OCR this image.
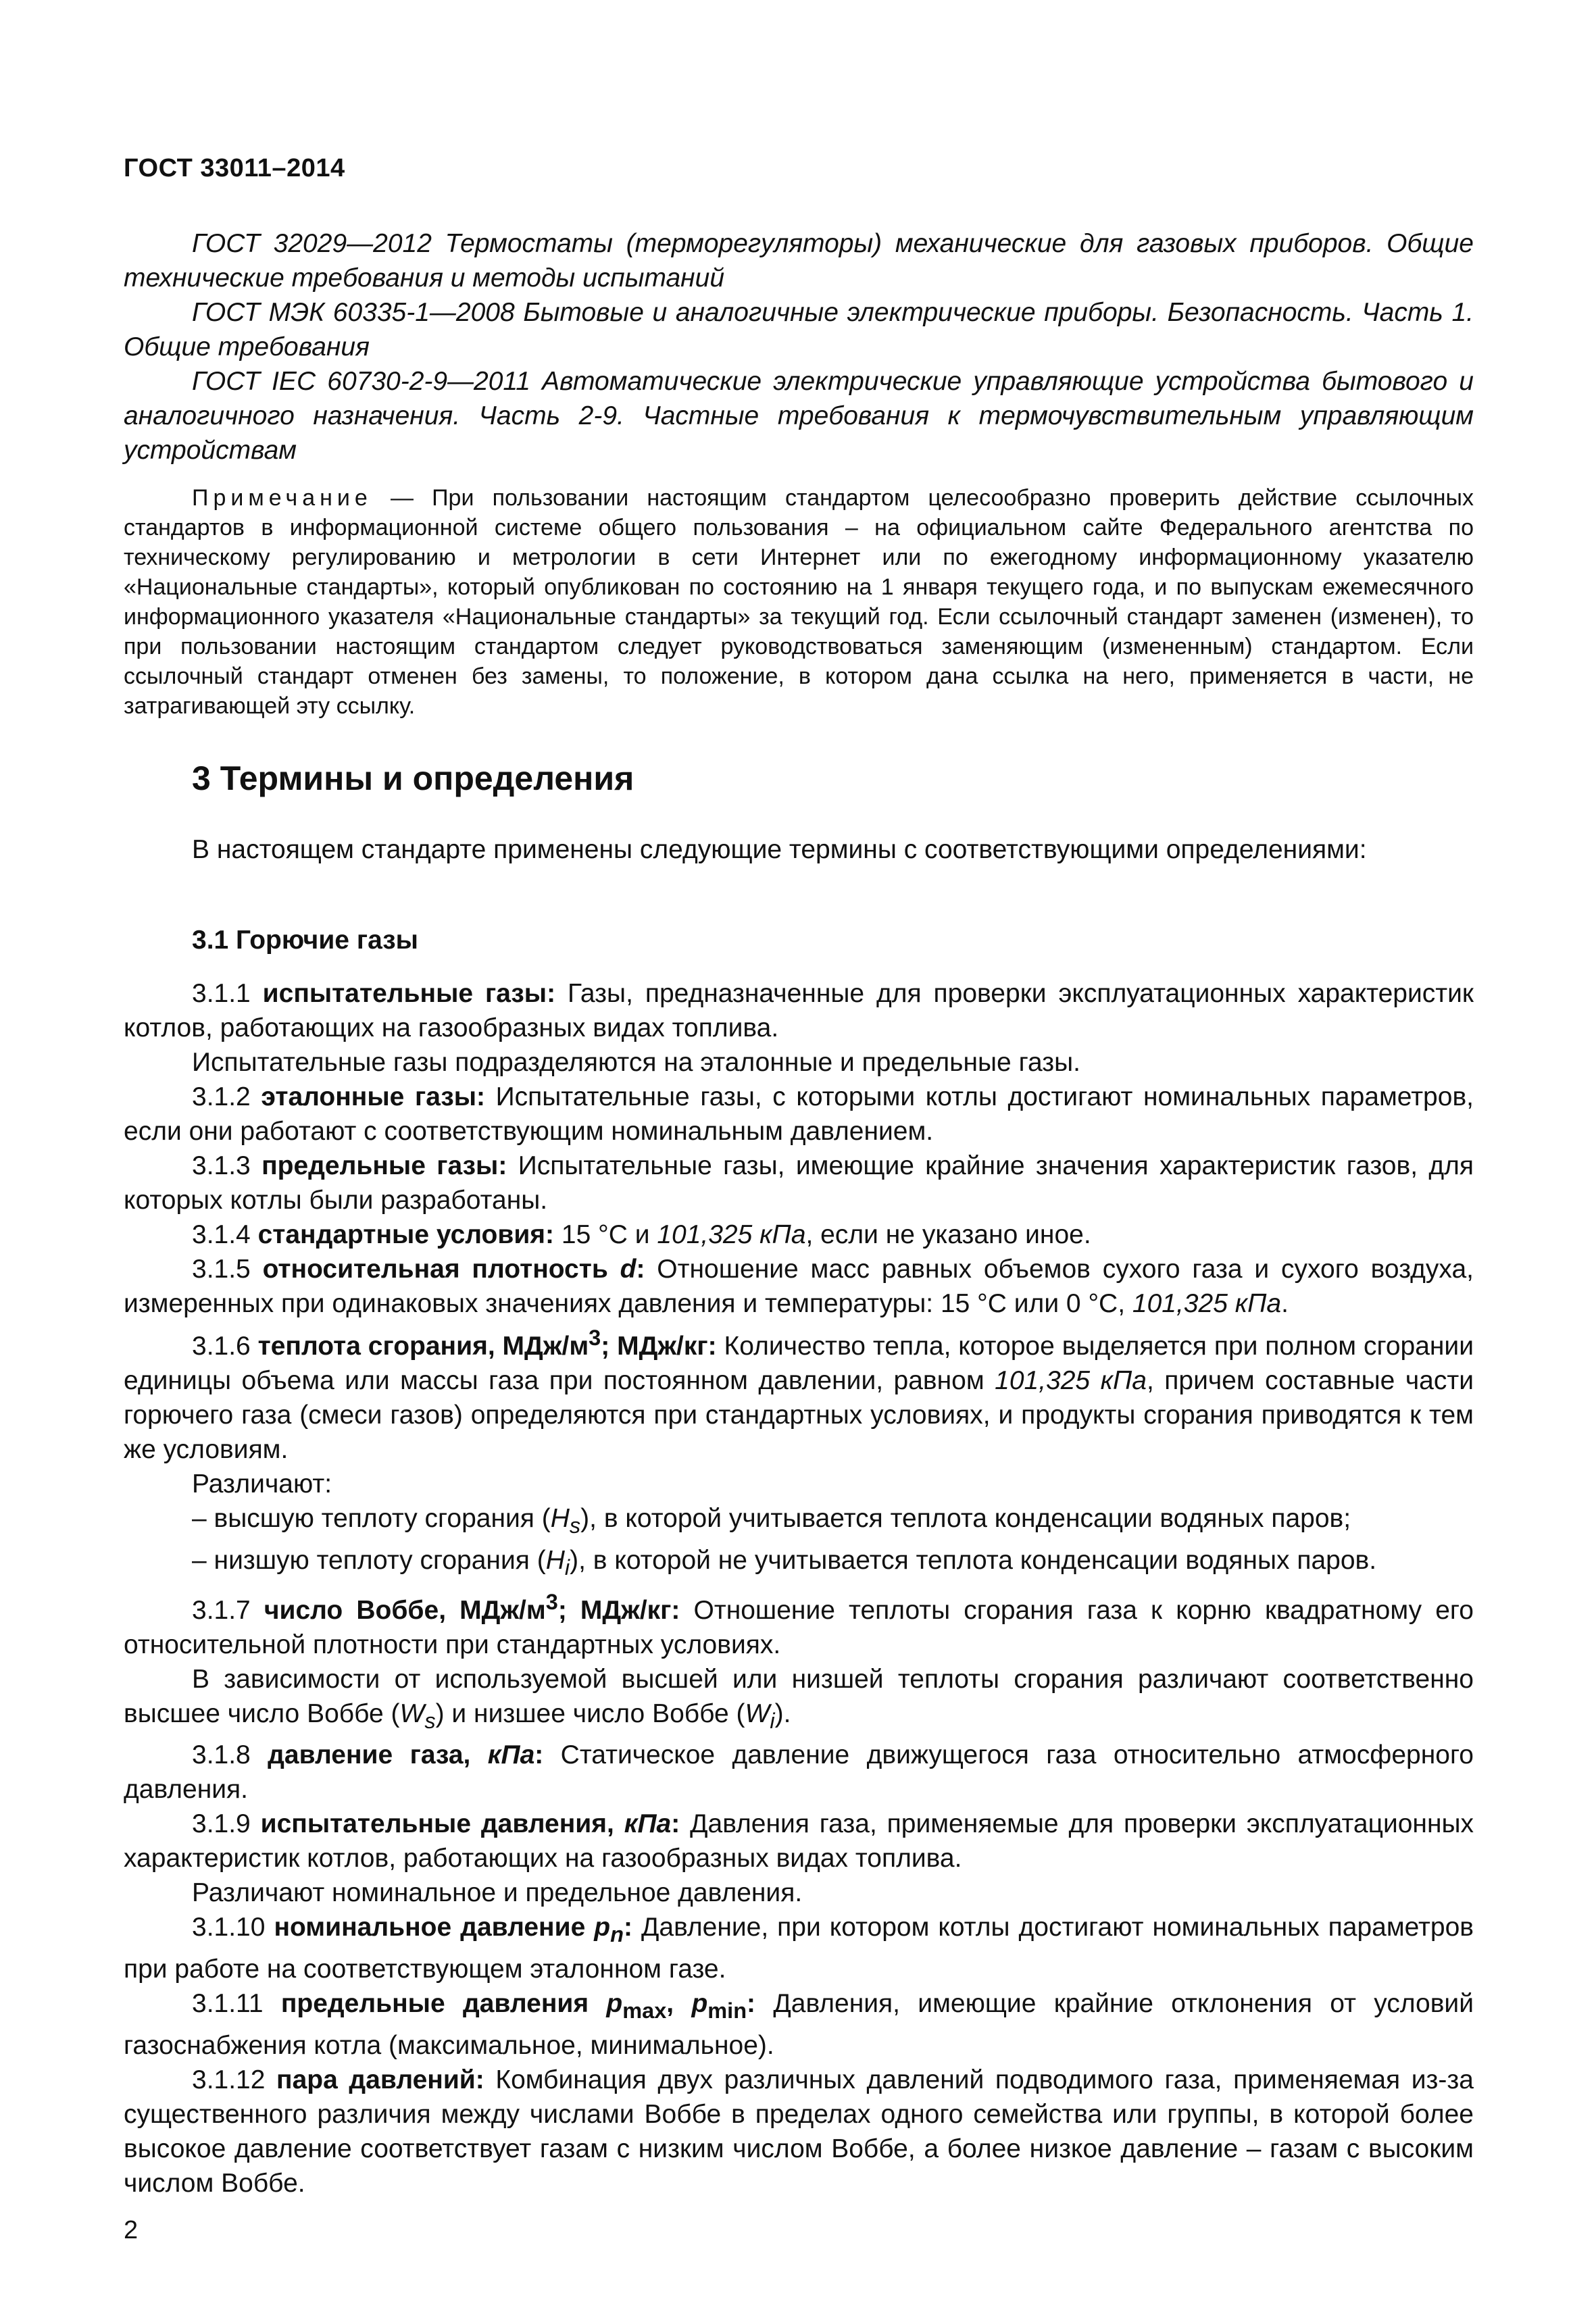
ГОСТ 33011–2014

ГОСТ 32029—2012 Термостаты (терморегуляторы) механические для газовых приборов. Общие технические требования и методы испытаний

ГОСТ МЭК 60335-1—2008 Бытовые и аналогичные электрические приборы. Безопасность. Часть 1. Общие требования

ГОСТ IEC 60730-2-9—2011 Автоматические электрические управляющие устройства бытового и аналогичного назначения. Часть 2-9. Частные требования к термочувствительным управляющим устройствам

Примечание — При пользовании настоящим стандартом целесообразно проверить действие ссылочных стандартов в информационной системе общего пользования – на официальном сайте Федерального агентства по техническому регулированию и метрологии в сети Интернет или по ежегодному информационному указателю «Национальные стандарты», который опубликован по состоянию на 1 января текущего года, и по выпускам ежемесячного информационного указателя «Национальные стандарты» за текущий год. Если ссылочный стандарт заменен (изменен), то при пользовании настоящим стандартом следует руководствоваться заменяющим (измененным) стандартом. Если ссылочный стандарт отменен без замены, то положение, в котором дана ссылка на него, применяется в части, не затрагивающей эту ссылку.

3 Термины и определения

В настоящем стандарте применены следующие термины с соответствующими определениями:

3.1 Горючие газы

3.1.1 испытательные газы: Газы, предназначенные для проверки эксплуатационных характеристик котлов, работающих на газообразных видах топлива.

Испытательные газы подразделяются на эталонные и предельные газы.

3.1.2 эталонные газы: Испытательные газы, с которыми котлы достигают номинальных параметров, если они работают с соответствующим номинальным давлением.

3.1.3 предельные газы: Испытательные газы, имеющие крайние значения характеристик газов, для которых котлы были разработаны.

3.1.4 стандартные условия: 15 °C и 101,325 кПа, если не указано иное.

3.1.5 относительная плотность d: Отношение масс равных объемов сухого газа и сухого воздуха, измеренных при одинаковых значениях давления и температуры: 15 °C или 0 °C, 101,325 кПа.

3.1.6 теплота сгорания, МДж/$м^3$; МДж/кг: Количество тепла, которое выделяется при полном сгорании единицы объема или массы газа при постоянном давлении, равном 101,325 кПа, причем составные части горючего газа (смеси газов) определяются при стандартных условиях, и продукты сгорания приводятся к тем же условиям.

Различают:

– высшую теплоту сгорания $(H_s)$, в которой учитывается теплота конденсации водяных паров;

– низшую теплоту сгорания $(H_i)$, в которой не учитывается теплота конденсации водяных паров.

3.1.7 число Воббе, МДж/$м^3$; МДж/кг: Отношение теплоты сгорания газа к корню квадратному его относительной плотности при стандартных условиях.

В зависимости от используемой высшей или низшей теплоты сгорания различают соответственно высшее число Воббе $(W_s)$ и низшее число Воббе $(W_i)$.

3.1.8 давление газа, кПа: Статическое давление движущегося газа относительно атмосферного давления.

3.1.9 испытательные давления, кПа: Давления газа, применяемые для проверки эксплуатационных характеристик котлов, работающих на газообразных видах топлива.

Различают номинальное и предельное давления.

3.1.10 номинальное давление $p_n$: Давление, при котором котлы достигают номинальных параметров при работе на соответствующем эталонном газе.

3.1.11 предельные давления $p_{max}$, $p_{min}$: Давления, имеющие крайние отклонения от условий газоснабжения котла (максимальное, минимальное).

3.1.12 пара давлений: Комбинация двух различных давлений подводимого газа, применяемая из-за существенного различия между числами Воббе в пределах одного семейства или группы, в которой более высокое давление соответствует газам с низким числом Воббе, а более низкое давление – газам с высоким числом Воббе.

2
